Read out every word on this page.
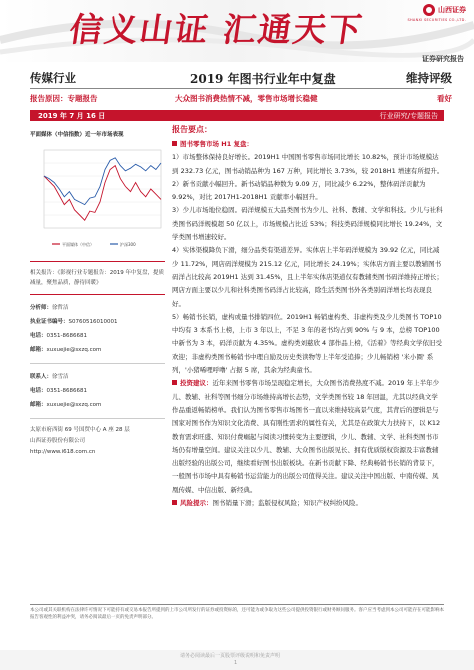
信义山证 汇通天下	山西证券
SHANXI SECURITIES CO.,LTD.
证券研究报告
传媒行业	2019 年图书行业年中复盘	维持评级
报告原因：专题报告	大众图书消费热情不减，零售市场增长稳健	看好
2019 年 7 月 16 日	行业研究/专题报告
平面媒体（中信指数）近一年市场表现
平面媒体（中信）	沪深300
相关报告：《影视行业专题报告：2019 年中复盘，提质减量，聚焦品质，静待回暖》
分析师：徐哲洁
执业证书编号：S0760516010001
电话：0351-8686681
邮箱：xuxuejie@sxzq.com
联系人：徐雪洁
电话：0351-8686681
邮箱：xuxuejie@sxzq.com
太原市府西街 69 号国贸中心 A 座 28 层
山西证券股份有限公司
http://www.i618.com.cn
报告要点：
图书零售市场 H1 复盘：
1）市场整体保持良好增长。2019H1 中国图书零售市场同比增长 10.82%，预计市场规模达到 232.73 亿元，图书动销品种为 167 万种，同比增长 3.73%，较 2018H1 增速有所提升。
2）新书贡献小幅回升。新书动销品种数为 9.09 万，同比减少 6.22%，整体码洋贡献为 9.92%，对比 2017H1-2018H1 贡献率小幅回升。
3）少儿市场地位稳固。码洋规模五大品类图书为少儿、社科、教辅、文学和科技。少儿与社科类图书码洋规模超 50 亿以上，市场规模占比近 53%；科技类码洋规模同比增长 19.24%，文学类图书增速较好。
4）实体渠模降负下滑，细分品类有渠道差异。实体店上半年码洋规模为 39.92 亿元，同比减少 11.72%，网店码洋规模为 215.12 亿元，同比增长 24.19%；实体店方面主要以教辅图书码洋占比较高 2019H1 达到 31.45%，且上半年实体店渠道仅有教辅类图书码洋维持正增长；网店方面主要以少儿和社科类图书码洋占比较高，除生活类图书外各类别码洋增长均表现良好。
5）畅销书长销，虚构或量书排销四位。2019H1 畅销虚构类、非虚构类及少儿类图书 TOP10 中均有 3 本系书上榜，上市 3 年以上，不足 3 年的老书均占到 90% 与 9 本，总榜 TOP100 中新书为 3 本，码洋贡献为 4.35%。虚构类刘慈欣 4 部作品上榜，《活着》等经典文学依旧受欢迎；非虚构类图书畅销书中理自励及历史类读物等上半年受追捧；少儿畅销榜 '米小圈' 系列，'小猪唏哩呼噜' 占据 5 席，其余为经典童书。
投资建议：近年来图书零售市场呈现稳定增长，大众图书消费热度不减。2019 年上半年少儿、教辅、社科等图书细分市场维持高增长态势，文学类图书较 18 年回温，尤其以经典文学作品重返畅销榜单。我们认为图书零售市场图书一直以来维持较高景气度，其背后的逻辑是与国家对图书作为知识文化消费、具有刚性需求的属性有关，尤其是在政策大力扶持下，以 K12 教育需求旺盛、知识付费崛起与阅读习惯转变为主要逻辑，少儿、教辅、文学、社科类图书市场仍有增量空间。建议关注以少儿、教辅、大众图书出版见长、拥有优质版权资源及丰富教辅出版经验的出版公司，继续看好图书出版板块。在新书贡献下降、经典畅销书长销的背景下，一般图书市场中具有畅销书运营能力的出版公司值得关注。建议关注中国出版、中南传媒、凤凰传媒、中信出版、新经典。
风险提示：图书销量下滑；监版侵权风险；知识产权纠纷风险。
本公司或其关联机构在法律许可情况下可能持有或交易本报告所提到的上市公司所发行的证券或投资标的，还可能为或争取为这些公司提供投资银行或财务顾问服务。客户应当考虑到本公司可能存在可能影响本报告客观性的利益冲突，请务必阅读最后一页的免责声明部分。
请务必阅读最后一页股票评级说明和免责声明
1
